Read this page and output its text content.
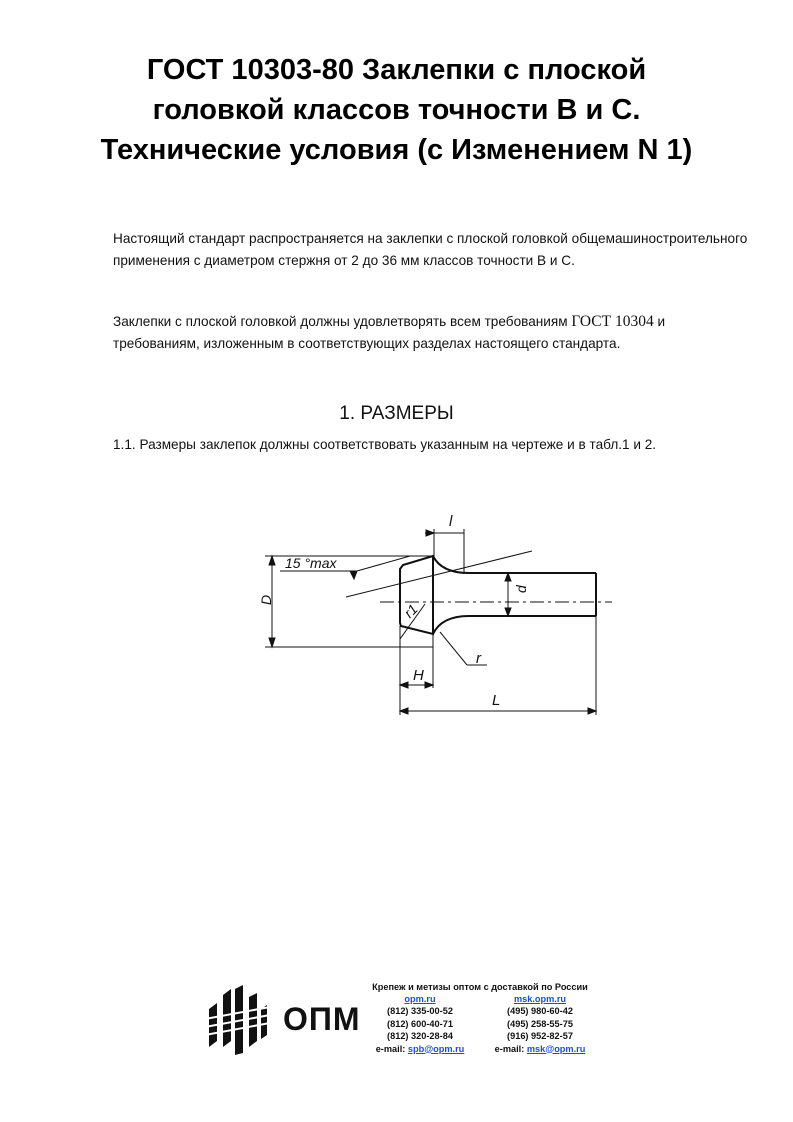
ГОСТ 10303-80 Заклепки с плоской головкой классов точности В и С. Технические условия (с Изменением N 1)

Настоящий стандарт распространяется на заклепки с плоской головкой общемашиностроительного применения с диаметром стержня от 2 до 36 мм классов точности В и С.

Заклепки с плоской головкой должны удовлетворять всем требованиям ГОСТ 10304 и требованиям, изложенным в соответствующих разделах настоящего стандарта.

1. РАЗМЕРЫ

1.1. Размеры заклепок должны соответствовать указанным на чертеже и в табл.1 и 2.

l
15 °max
D
d
r1
r
H
L
ОПМ
Крепеж и метизы оптом с доставкой по России
opm.ru	msk.opm.ru
(812) 335-00-52	(495) 980-60-42
(812) 600-40-71	(495) 258-55-75
(812) 320-28-84	(916) 952-82-57
e-mail: spb@opm.ru	e-mail: msk@opm.ru
